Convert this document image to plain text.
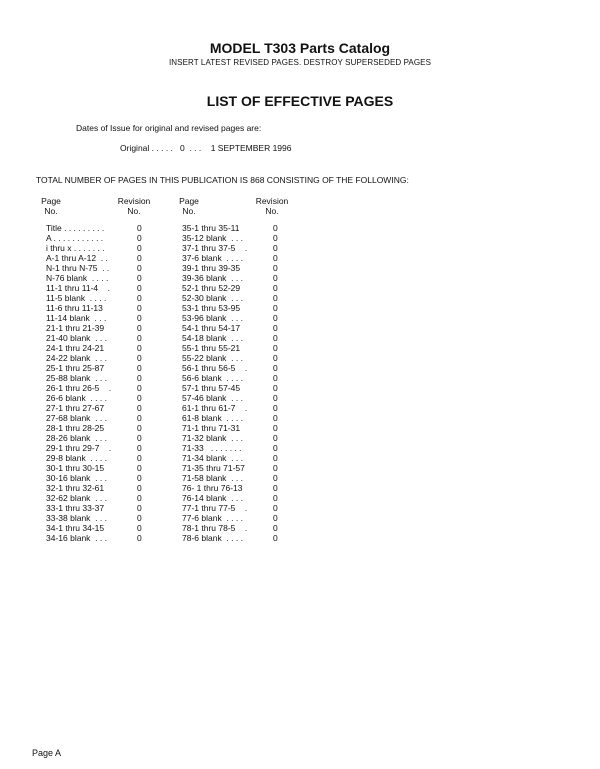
MODEL T303 Parts Catalog
INSERT LATEST REVISED PAGES. DESTROY SUPERSEDED PAGES
LIST OF EFFECTIVE PAGES
Dates of Issue for original and revised pages are:
Original . . . . .   0  . . .    1 SEPTEMBER 1996
TOTAL NUMBER OF PAGES IN THIS PUBLICATION IS 868 CONSISTING OF THE FOLLOWING:
Page
No.
Revision
No.
Page
No.
Revision
No.
Title . . . . . . . . .	0
A . . . . . . . . . . .	0
i thru x . . . . . . .	0
A-1 thru A-12  . .	0
N-1 thru N-75  . .	0
N-76 blank  . . . .	0
11-1 thru 11-4    .	0
11-5 blank  . . . .	0
11-6 thru 11-13	0
11-14 blank  . . .	0
21-1 thru 21-39	0
21-40 blank  . . .	0
24-1 thru 24-21	0
24-22 blank  . . .	0
25-1 thru 25-87	0
25-88 blank  . . .	0
26-1 thru 26-5    .	0
26-6 blank  . . . .	0
27-1 thru 27-67	0
27-68 blank  . . .	0
28-1 thru 28-25	0
28-26 blank  . . .	0
29-1 thru 29-7    .	0
29-8 blank  . . . .	0
30-1 thru 30-15	0
30-16 blank  . . .	0
32-1 thru 32-61	0
32-62 blank  . . .	0
33-1 thru 33-37	0
33-38 blank  . . .	0
34-1 thru 34-15	0
34-16 blank  . . .	0
35-1 thru 35-11	0
35-12 blank  . . .	0
37-1 thru 37-5    .	0
37-6 blank  . . . .	0
39-1 thru 39-35	0
39-36 blank  . . .	0
52-1 thru 52-29	0
52-30 blank  . . .	0
53-1 thru 53-95	0
53-96 blank  . . .	0
54-1 thru 54-17	0
54-18 blank  . . .	0
55-1 thru 55-21	0
55-22 blank  . . .	0
56-1 thru 56-5    .	0
56-6 blank  . . . .	0
57-1 thru 57-45	0
57-46 blank  . . .	0
61-1 thru 61-7    .	0
61-8 blank  . . . .	0
71-1 thru 71-31	0
71-32 blank  . . .	0
71-33   . . . . . . .	0
71-34 blank  . . .	0
71-35 thru 71-57	0
71-58 blank  . . .	0
76- 1 thru 76-13	0
76-14 blank  . . .	0
77-1 thru 77-5    .	0
77-6 blank  . . . .	0
78-1 thru 78-5    .	0
78-6 blank  . . . .	0
Page A
